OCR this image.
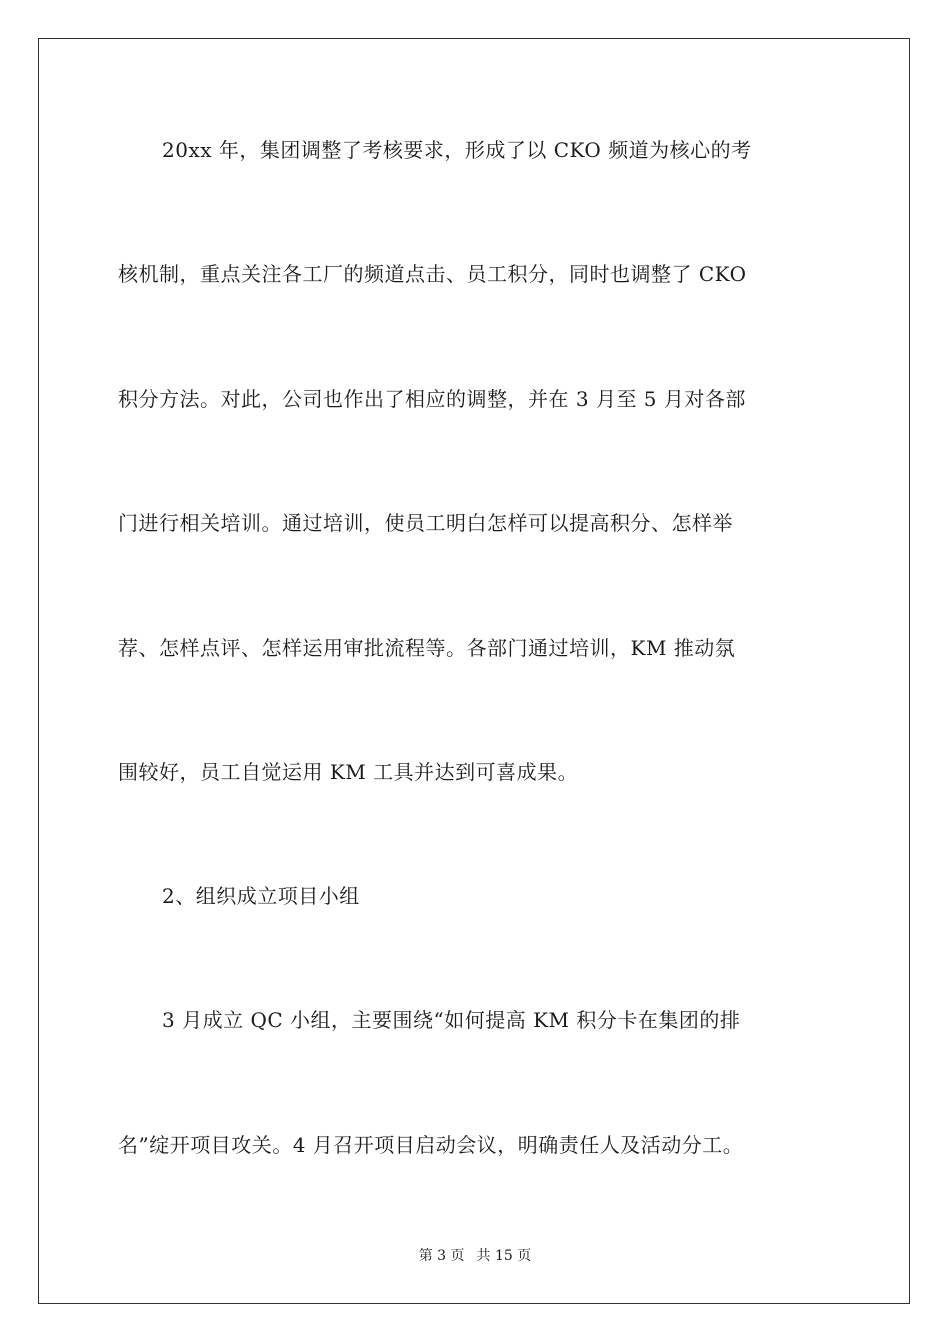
20xx 年，集团调整了考核要求，形成了以 CKO 频道为核心的考
核机制，重点关注各工厂的频道点击、员工积分，同时也调整了 CKO
积分方法。对此，公司也作出了相应的调整，并在 3 月至 5 月对各部
门进行相关培训。通过培训，使员工明白怎样可以提高积分、怎样举
荐、怎样点评、怎样运用审批流程等。各部门通过培训，KM 推动氛
围较好，员工自觉运用 KM 工具并达到可喜成果。
2、组织成立项目小组
3 月成立 QC 小组，主要围绕“如何提高 KM 积分卡在集团的排
名”绽开项目攻关。4 月召开项目启动会议，明确责任人及活动分工。
第 3 页 共 15 页
